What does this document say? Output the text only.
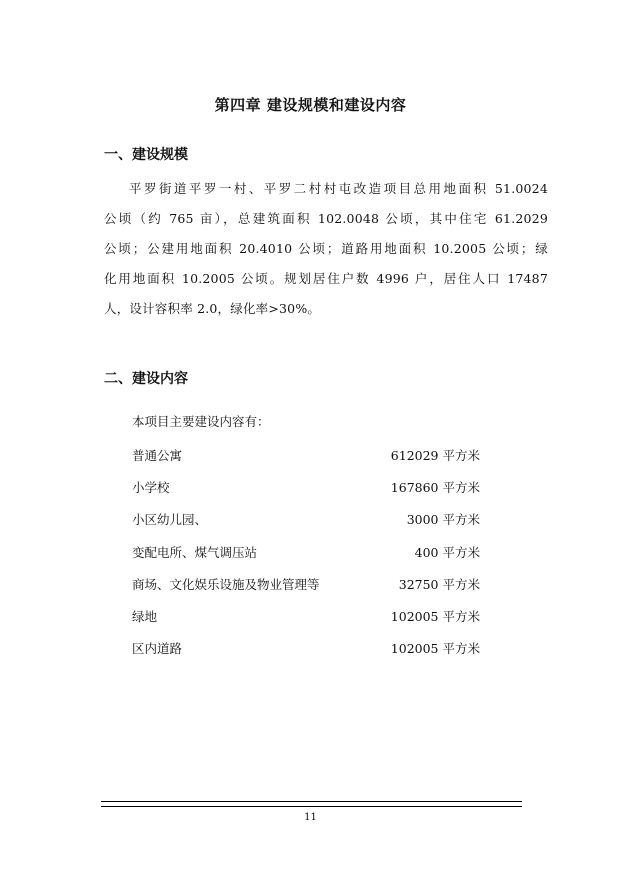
第四章 建设规模和建设内容
一、建设规模
平罗街道平罗一村、平罗二村村屯改造项目总用地面积 51.0024
公顷（约 765 亩），总建筑面积 102.0048 公顷，其中住宅 61.2029
公顷；公建用地面积 20.4010 公顷；道路用地面积 10.2005 公顷；绿
化用地面积 10.2005 公顷。规划居住户数 4996 户，居住人口 17487
人，设计容积率 2.0，绿化率>30%。
二、建设内容

本项目主要建设内容有：

普通公寓	612029 平方米
小学校	167860 平方米
小区幼儿园、	3000 平方米
变配电所、煤气调压站	400 平方米
商场、文化娱乐设施及物业管理等	32750 平方米
绿地	102005 平方米
区内道路	102005 平方米

11
